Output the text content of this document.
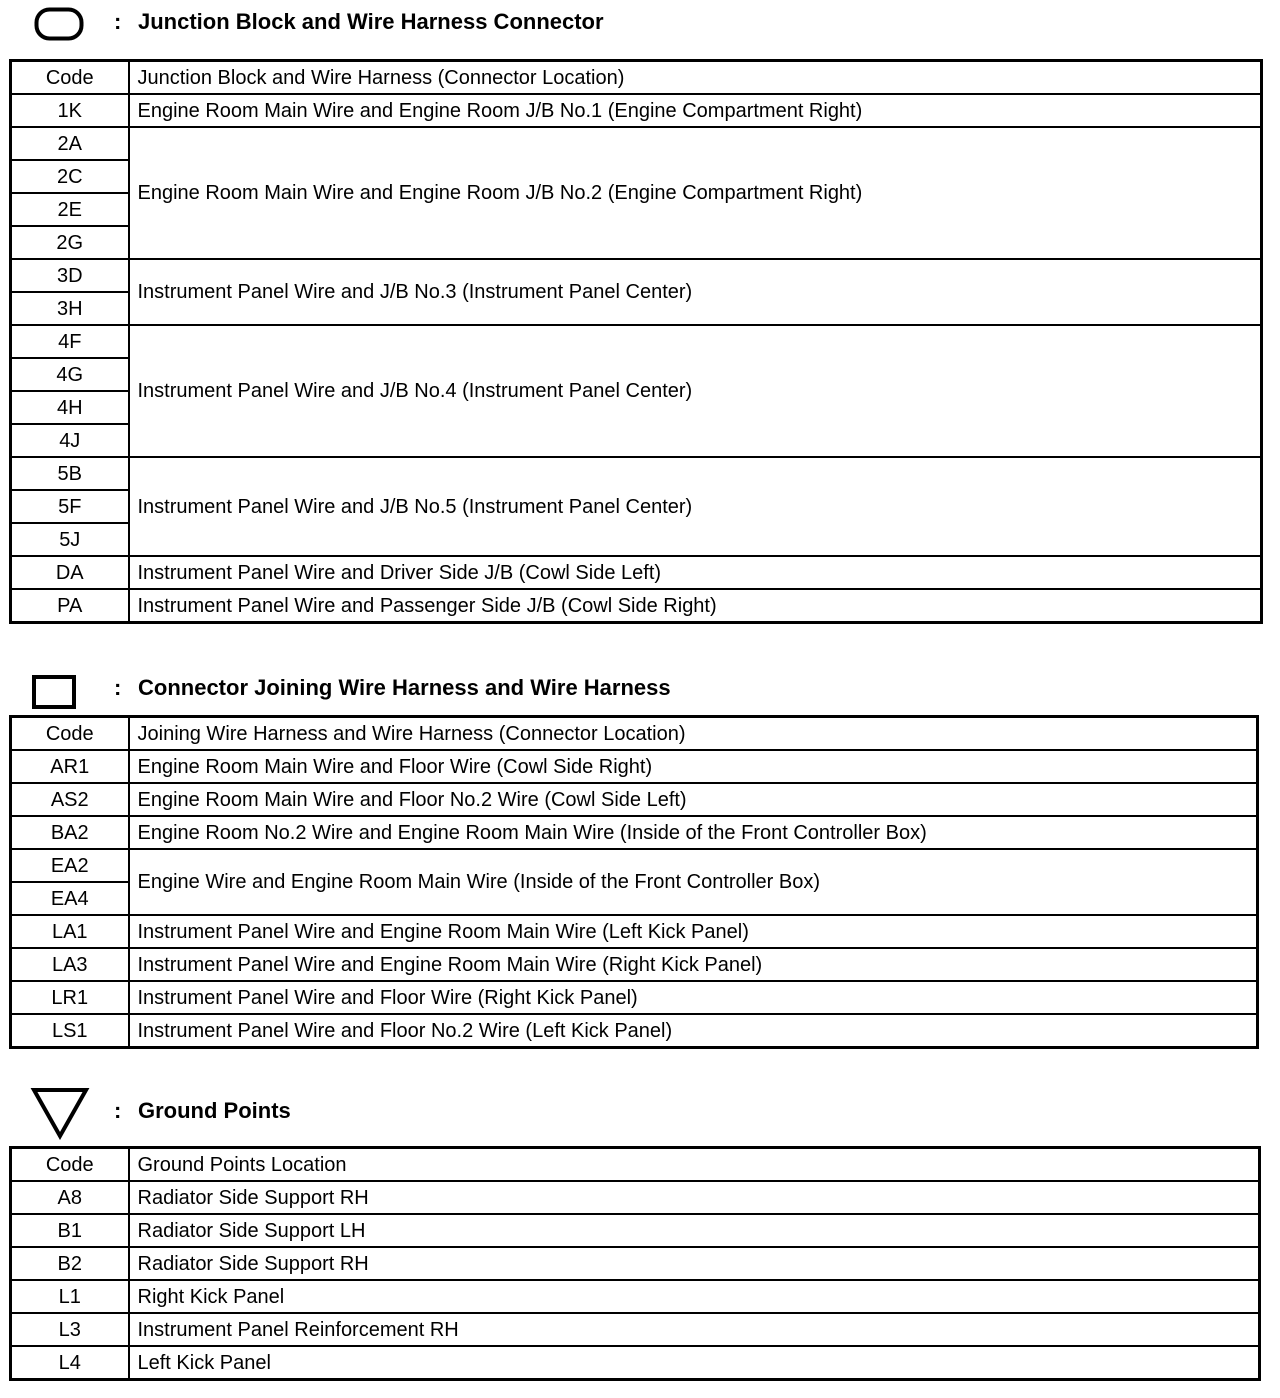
: Junction Block and Wire Harness Connector
Code	Junction Block and Wire Harness (Connector Location)
1K	Engine Room Main Wire and Engine Room J/B No.1 (Engine Compartment Right)
2A	Engine Room Main Wire and Engine Room J/B No.2 (Engine Compartment Right)
2C	
2E	
2G	
3D	Instrument Panel Wire and J/B No.3 (Instrument Panel Center)
3H	
4F	Instrument Panel Wire and J/B No.4 (Instrument Panel Center)
4G	
4H	
4J	
5B	Instrument Panel Wire and J/B No.5 (Instrument Panel Center)
5F	
5J	
DA	Instrument Panel Wire and Driver Side J/B (Cowl Side Left)
PA	Instrument Panel Wire and Passenger Side J/B (Cowl Side Right)
: Connector Joining Wire Harness and Wire Harness
Code	Joining Wire Harness and Wire Harness (Connector Location)
AR1	Engine Room Main Wire and Floor Wire (Cowl Side Right)
AS2	Engine Room Main Wire and Floor No.2 Wire (Cowl Side Left)
BA2	Engine Room No.2 Wire and Engine Room Main Wire (Inside of the Front Controller Box)
EA2	Engine Wire and Engine Room Main Wire (Inside of the Front Controller Box)
EA4	
LA1	Instrument Panel Wire and Engine Room Main Wire (Left Kick Panel)
LA3	Instrument Panel Wire and Engine Room Main Wire (Right Kick Panel)
LR1	Instrument Panel Wire and Floor Wire (Right Kick Panel)
LS1	Instrument Panel Wire and Floor No.2 Wire (Left Kick Panel)
: Ground Points
Code	Ground Points Location
A8	Radiator Side Support RH
B1	Radiator Side Support LH
B2	Radiator Side Support RH
L1	Right Kick Panel
L3	Instrument Panel Reinforcement RH
L4	Left Kick Panel
